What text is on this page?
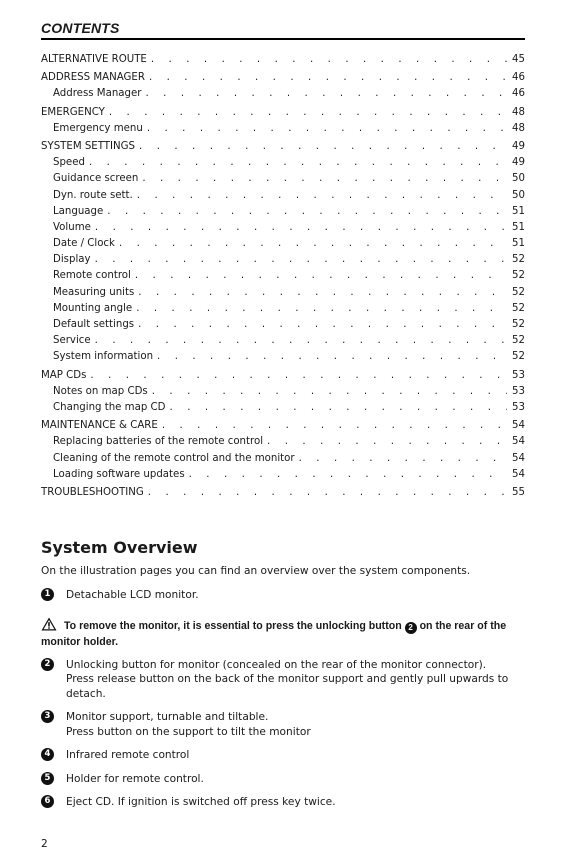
CONTENTS
ALTERNATIVE ROUTE . . .	45
ADDRESS MANAGER . . .	46
Address Manager . . .	46
EMERGENCY . . .	48
Emergency menu . . .	48
SYSTEM SETTINGS . . .	49
Speed . . .	49
Guidance screen . . .	50
Dyn. route sett. . . .	50
Language . . .	51
Volume . . .	51
Date / Clock . . .	51
Display . . .	52
Remote control . . .	52
Measuring units . . .	52
Mounting angle . . .	52
Default settings . . .	52
Service . . .	52
System information . . .	52
MAP CDs . . .	53
Notes on map CDs . . .	53
Changing the map CD . . .	53
MAINTENANCE & CARE . . .	54
Replacing batteries of the remote control . . .	54
Cleaning of the remote control and the monitor . . .	54
Loading software updates . . .	54
TROUBLESHOOTING . . .	55
System Overview
On the illustration pages you can find an overview over the system components.
1	Detachable LCD monitor.
To remove the monitor, it is essential to press the unlocking button 2 on the rear of the monitor holder.
2	Unlocking button for monitor (concealed on the rear of the monitor connector).
Press release button on the back of the monitor support and gently pull upwards to
detach.
3	Monitor support, turnable and tiltable.
Press button on the support to tilt the monitor
4	Infrared remote control
5	Holder for remote control.
6	Eject CD. If ignition is switched off press key twice.
2
